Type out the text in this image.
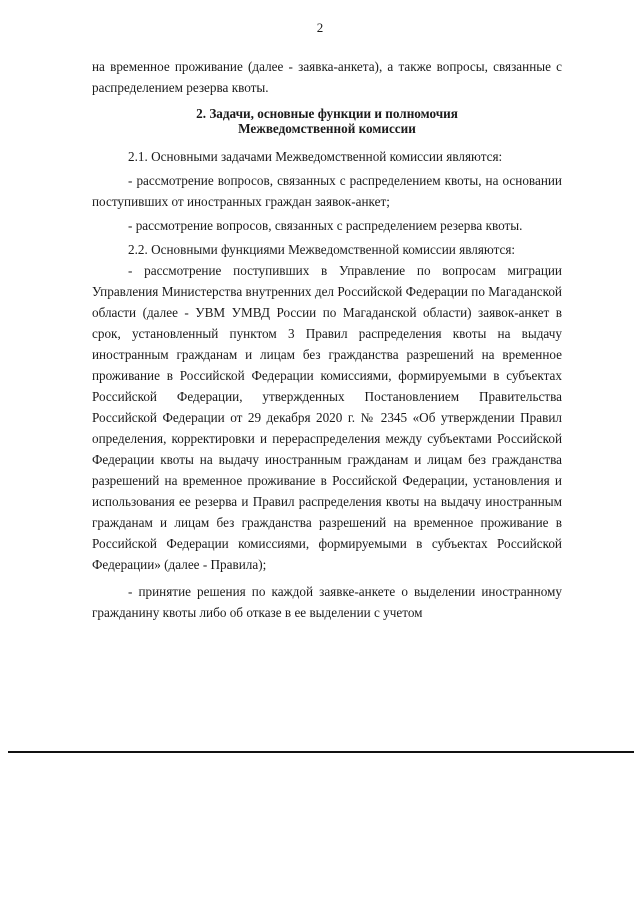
2

на временное проживание (далее - заявка-анкета), а также вопросы, связанные с распределением резерва квоты.

2. Задачи, основные функции и полномочия
Межведомственной комиссии

2.1. Основными задачами Межведомственной комиссии являются:

- рассмотрение вопросов, связанных с распределением квоты, на основании поступивших от иностранных граждан заявок-анкет;

- рассмотрение вопросов, связанных с распределением резерва квоты.

2.2. Основными функциями Межведомственной комиссии являются:

- рассмотрение поступивших в Управление по вопросам миграции Управления Министерства внутренних дел Российской Федерации по Магаданской области (далее - УВМ УМВД России по Магаданской области) заявок-анкет в срок, установленный пунктом 3 Правил распределения квоты на выдачу иностранным гражданам и лицам без гражданства разрешений на временное проживание в Российской Федерации комиссиями, формируемыми в субъектах Российской Федерации, утвержденных Постановлением Правительства Российской Федерации от 29 декабря 2020 г. № 2345 «Об утверждении Правил определения, корректировки и перераспределения между субъектами Российской Федерации квоты на выдачу иностранным гражданам и лицам без гражданства разрешений на временное проживание в Российской Федерации, установления и использования ее резерва и Правил распределения квоты на выдачу иностранным гражданам и лицам без гражданства разрешений на временное проживание в Российской Федерации комиссиями, формируемыми в субъектах Российской Федерации» (далее - Правила);

- принятие решения по каждой заявке-анкете о выделении иностранному гражданину квоты либо об отказе в ее выделении с учетом
